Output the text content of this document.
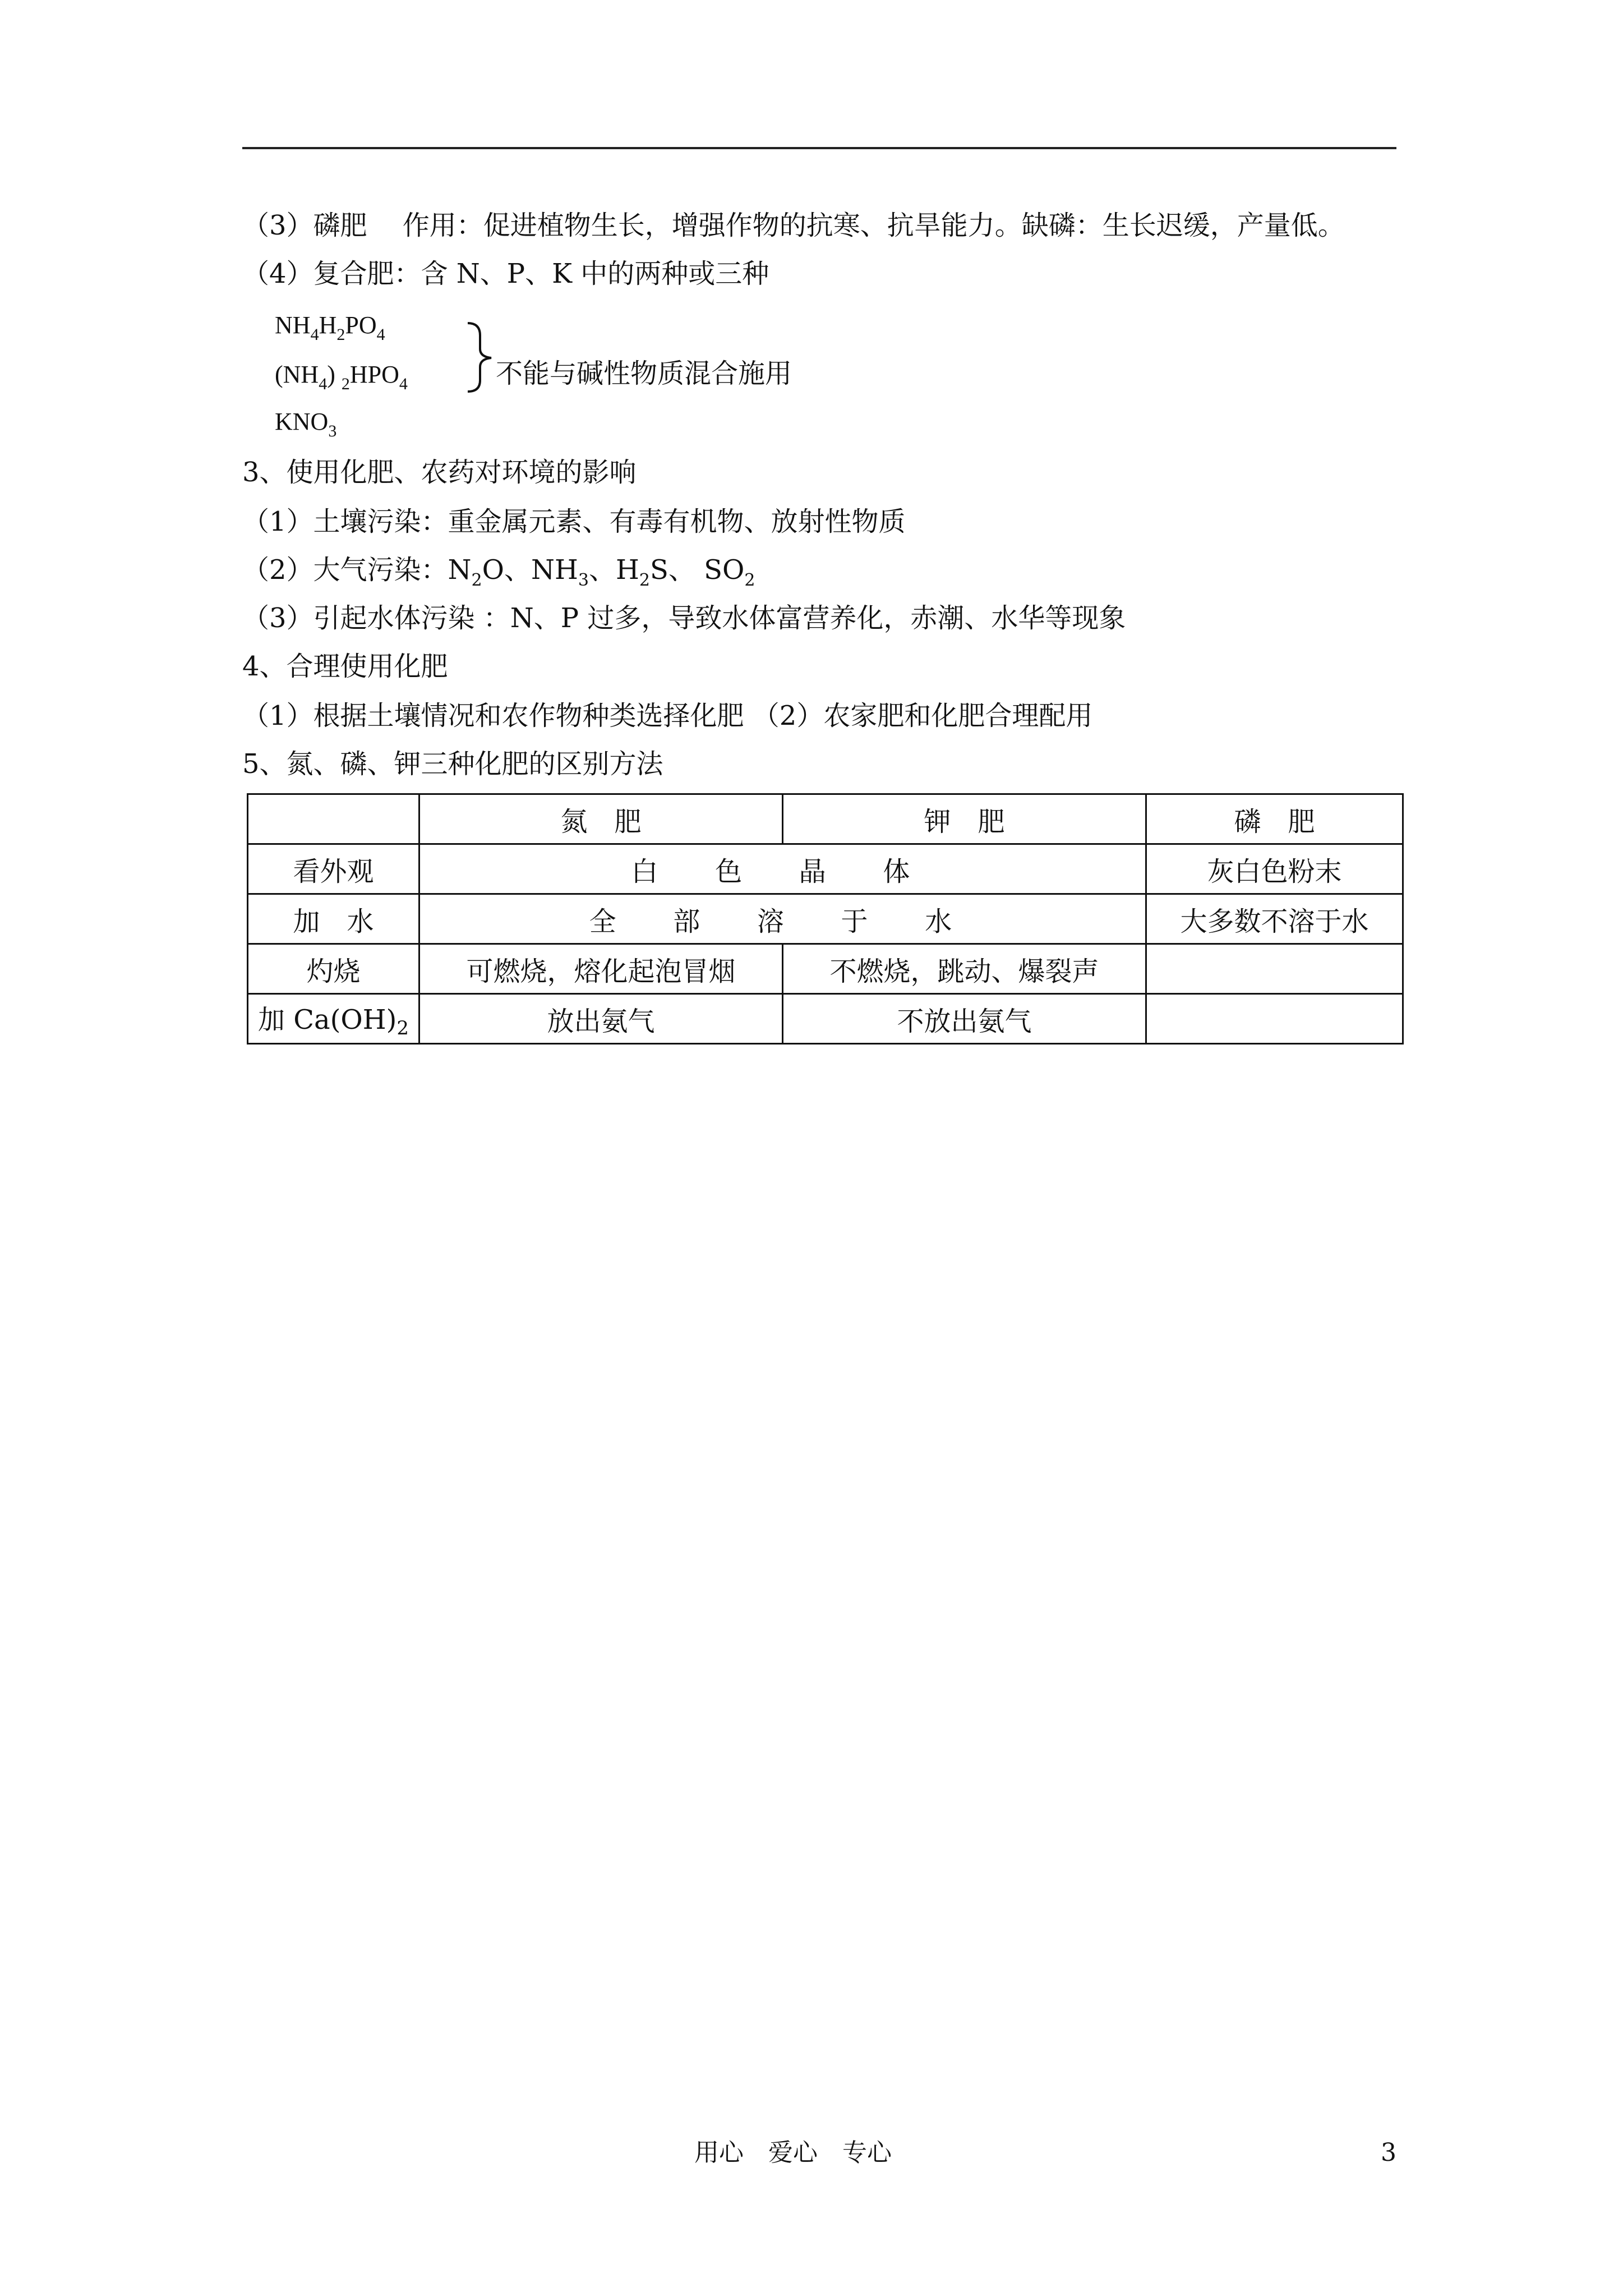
（3）磷肥　 作用：促进植物生长，增强作物的抗寒、抗旱能力。缺磷：生长迟缓，产量低。
（4）复合肥：含 N、P、K 中的两种或三种
$NH_4H_2PO_4$
$(NH_4)$ $_2HPO_4$
$KNO_3$
不能与碱性物质混合施用
3、使用化肥、农药对环境的影响
（1）土壤污染：重金属元素、有毒有机物、放射性物质
（2）大气污染：$N_2O$、$NH_3$、$H_2S$、 $SO_2$
（3）引起水体污染 ：N、P 过多，导致水体富营养化，赤潮、水华等现象
4、合理使用化肥
（1）根据土壤情况和农作物种类选择化肥 （2）农家肥和化肥合理配用
5、氮、磷、钾三种化肥的区别方法
	氮　肥	钾　肥	磷　肥
看外观	白 色 晶 体		灰白色粉末
加　水	全 部 溶 于 水		大多数不溶于水
灼烧	可燃烧，熔化起泡冒烟	不燃烧，跳动、爆裂声	
加 $Ca(OH)_2$	放出氨气	不放出氨气	
用心　爱心　专心	3
